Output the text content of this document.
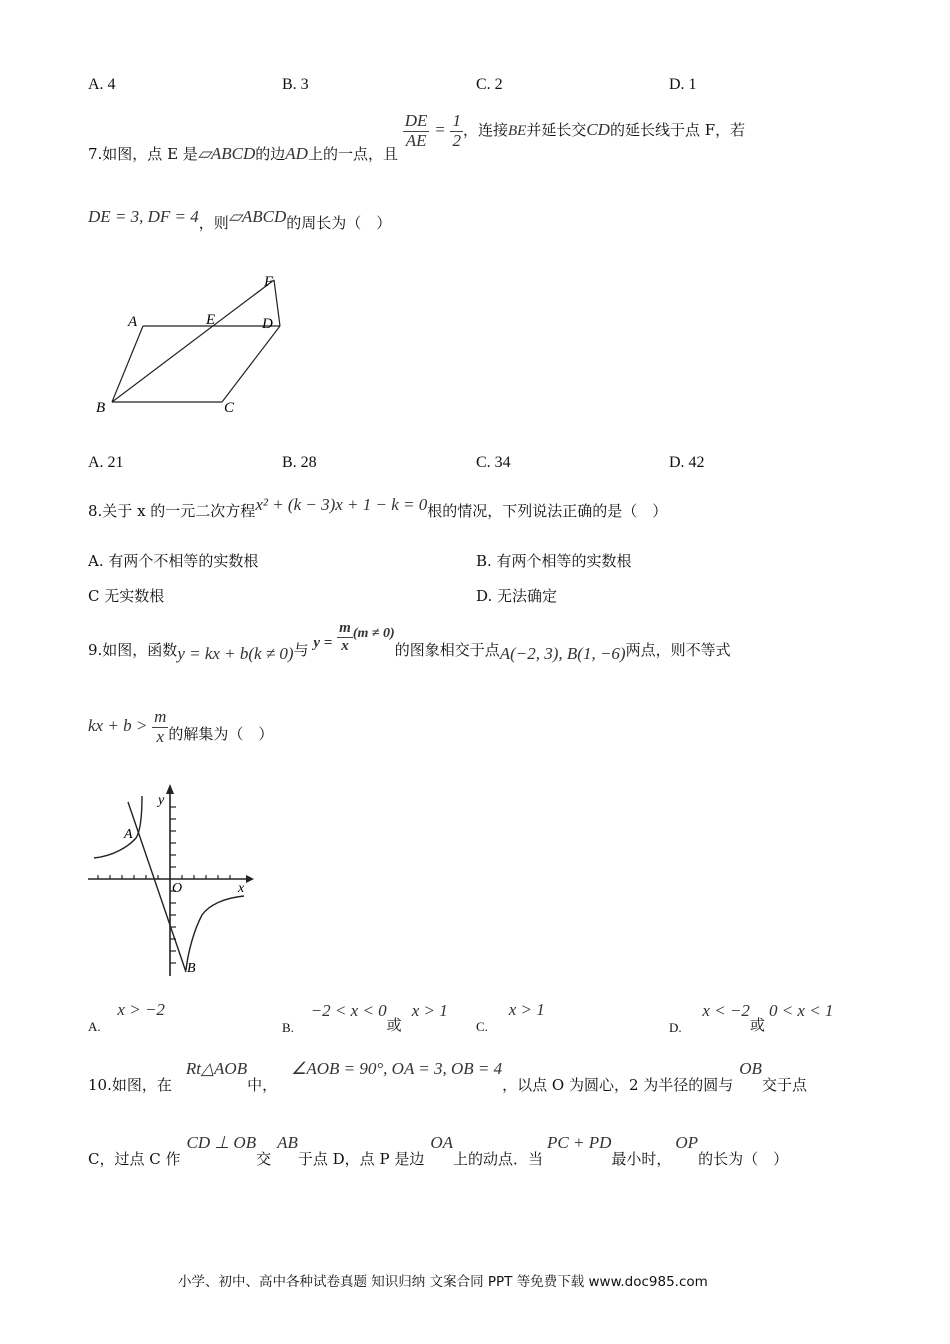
A. 4	B. 3	C. 2	D. 1
7.如图，点 E 是▱ABCD的边AD上的一点，且
$\frac{DE}{AE} = \frac{1}{2}$ ，连接BE并延长交CD的延长线于点 F，若
DE = 3, DF = 4，则▱ABCD的周长为（　）
A	E	D
F
B	C
A. 21	B. 28	C. 34	D. 42
8.关于 x 的一元二次方程x² + (k − 3)x + 1 − k = 0根的情况，下列说法正确的是（　）
A. 有两个不相等的实数根	B. 有两个相等的实数根
C 无实数根	D. 无法确定
9.如图，函数y = kx + b(k ≠ 0)与 $y = \frac{m}{x} (m \ne 0)$的图象相交于点A(−2, 3), B(1, −6)两点，则不等式
kx + $b > \frac{m}{x}$ 的解集为（　）
y
x
O
A
B
A. x > −2
B. −2 < x < 0或x > 1
C. x > 1
D. x < −2或0 < x < 1
10.如图，在Rt△AOB中，∠AOB = 90°, OA = 3, OB = 4，以点 O 为圆心，2 为半径的圆与OB交于点
C，过点 C 作CD ⊥ OB交AB于点 D，点 P 是边OA上的动点．当PC + PD最小时，OP的长为（　）
小学、初中、高中各种试卷真题 知识归纳 文案合同 PPT 等免费下载 www.doc985.com
